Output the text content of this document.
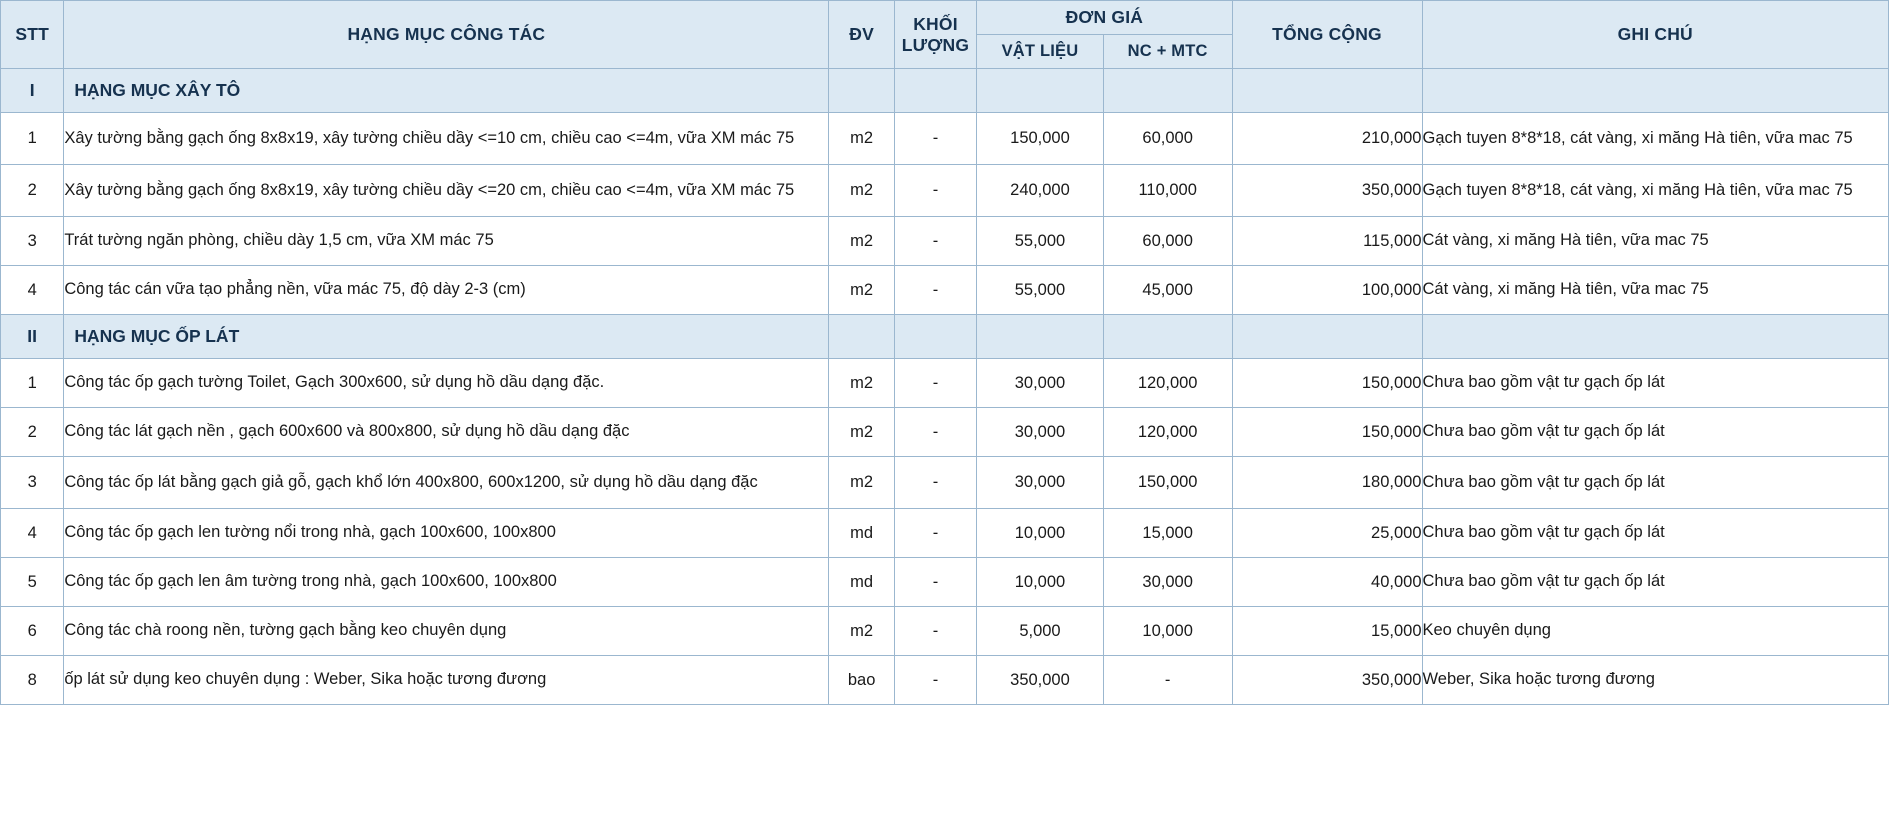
STT	HẠNG MỤC CÔNG TÁC	ĐV	KHỐI LƯỢNG	ĐƠN GIÁ		TỔNG CỘNG	GHI CHÚ
				VẬT LIỆU	NC + MTC		
I	HẠNG MỤC XÂY TÔ						
1	Xây tường bằng gạch ống 8x8x19, xây tường chiều dầy <=10 cm, chiều cao <=4m, vữa XM mác 75	m2	-	150,000	60,000	210,000	Gạch tuyen 8*8*18, cát vàng, xi măng Hà tiên, vữa mac 75
2	Xây tường bằng gạch ống 8x8x19, xây tường chiều dầy <=20 cm, chiều cao <=4m, vữa XM mác 75	m2	-	240,000	110,000	350,000	Gạch tuyen 8*8*18, cát vàng, xi măng Hà tiên, vữa mac 75
3	Trát tường ngăn phòng, chiều dày 1,5 cm, vữa XM mác 75	m2	-	55,000	60,000	115,000	Cát vàng, xi măng Hà tiên, vữa mac 75
4	Công tác cán vữa tạo phẳng nền, vữa mác 75, độ dày 2-3 (cm)	m2	-	55,000	45,000	100,000	Cát vàng, xi măng Hà tiên, vữa mac 75
II	HẠNG MỤC ỐP LÁT						
1	Công tác ốp gạch tường Toilet, Gạch 300x600, sử dụng hồ dầu dạng đặc.	m2	-	30,000	120,000	150,000	Chưa bao gồm vật tư gạch ốp lát
2	Công tác lát gạch nền , gạch 600x600 và 800x800, sử dụng hồ dầu dạng đặc	m2	-	30,000	120,000	150,000	Chưa bao gồm vật tư gạch ốp lát
3	Công tác ốp lát bằng gạch giả gỗ, gạch khổ lớn 400x800, 600x1200, sử dụng hồ dầu dạng đặc	m2	-	30,000	150,000	180,000	Chưa bao gồm vật tư gạch ốp lát
4	Công tác ốp gạch len tường nổi trong nhà, gạch 100x600, 100x800	md	-	10,000	15,000	25,000	Chưa bao gồm vật tư gạch ốp lát
5	Công tác ốp gạch len âm tường trong nhà, gạch 100x600, 100x800	md	-	10,000	30,000	40,000	Chưa bao gồm vật tư gạch ốp lát
6	Công tác chà roong nền, tường gạch bằng keo chuyên dụng	m2	-	5,000	10,000	15,000	Keo chuyên dụng
8	ốp lát sử dụng keo chuyên dụng : Weber, Sika hoặc tương đương	bao	-	350,000	-	350,000	Weber, Sika hoặc tương đương
